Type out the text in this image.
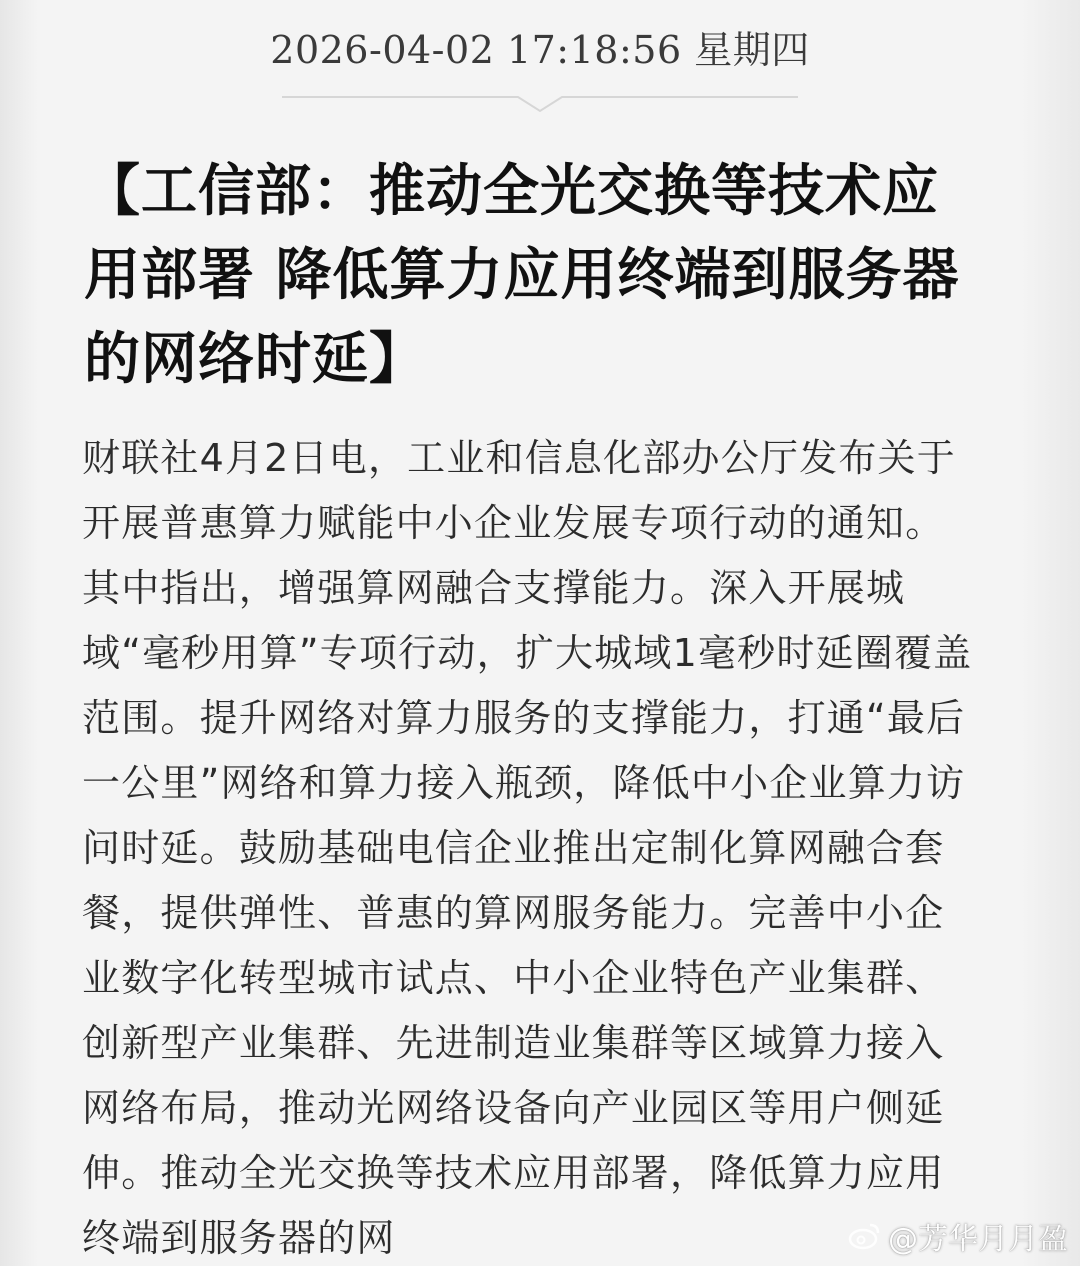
2026-04-02 17:18:56 星期四
【工信部：推动全光交换等技术应用部署 降低算力应用终端到服务器的网络时延】

财联社4月2日电，工业和信息化部办公厅发布关于开展普惠算力赋能中小企业发展专项行动的通知。其中指出，增强算网融合支撑能力。深入开展城域“毫秒用算”专项行动，扩大城域1毫秒时延圈覆盖范围。提升网络对算力服务的支撑能力，打通“最后一公里”网络和算力接入瓶颈，降低中小企业算力访问时延。鼓励基础电信企业推出定制化算网融合套餐，提供弹性、普惠的算网服务能力。完善中小企业数字化转型城市试点、中小企业特色产业集群、创新型产业集群、先进制造业集群等区域算力接入网络布局，推动光网络设备向产业园区等用户侧延伸。推动全光交换等技术应用部署，降低算力应用终端到服务器的网	@芳华月月盈
